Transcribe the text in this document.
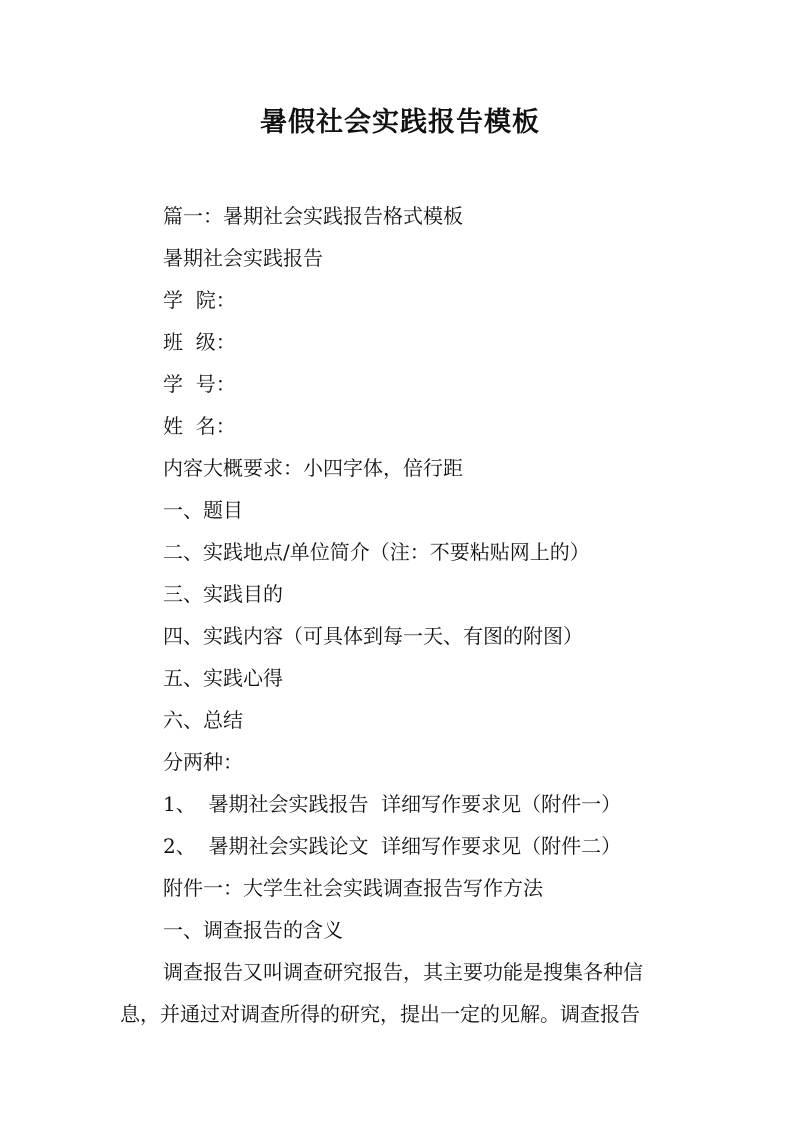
暑假社会实践报告模板

篇一：暑期社会实践报告格式模板

暑期社会实践报告

学  院：

班  级：

学  号：

姓  名：

内容大概要求：小四字体，倍行距

一、题目

二、实践地点/单位简介（注：不要粘贴网上的）

三、实践目的

四、实践内容（可具体到每一天、有图的附图）

五、实践心得

六、总结

分两种：

1、  暑期社会实践报告  详细写作要求见（附件一）

2、  暑期社会实践论文  详细写作要求见（附件二）

附件一：大学生社会实践调查报告写作方法

一、调查报告的含义

调查报告又叫调查研究报告，其主要功能是搜集各种信
息，并通过对调查所得的研究，提出一定的见解。调查报告
